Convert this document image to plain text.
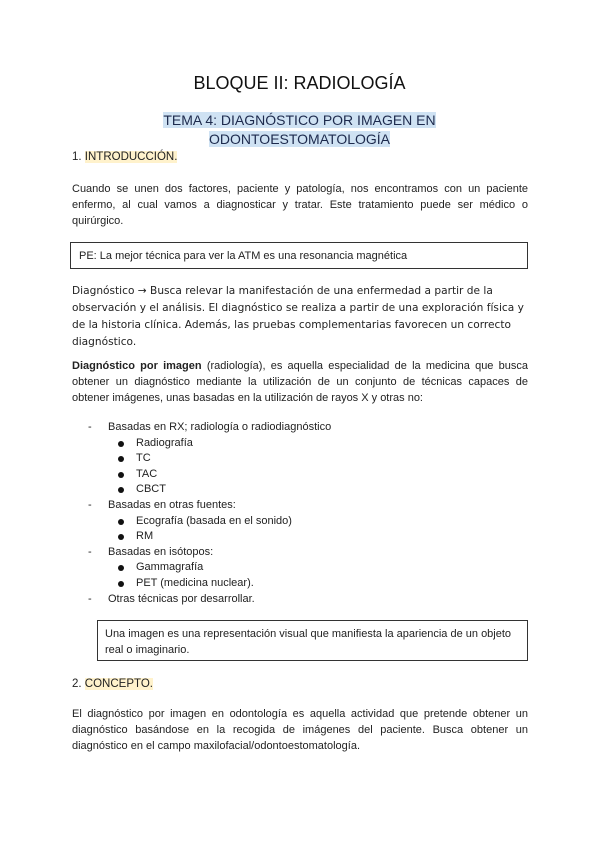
BLOQUE II: RADIOLOGÍA
TEMA 4: DIAGNÓSTICO POR IMAGEN EN
ODONTOESTOMATOLOGÍA
1. INTRODUCCIÓN.
Cuando se unen dos factores, paciente y patología, nos encontramos con un paciente enfermo, al cual vamos a diagnosticar y tratar. Este tratamiento puede ser médico o quirúrgico.
PE: La mejor técnica para ver la ATM es una resonancia magnética
Diagnóstico → Busca relevar la manifestación de una enfermedad a partir de la observación y el análisis. El diagnóstico se realiza a partir de una exploración física y de la historia clínica. Además, las pruebas complementarias favorecen un correcto diagnóstico.
Diagnóstico por imagen (radiología), es aquella especialidad de la medicina que busca obtener un diagnóstico mediante la utilización de un conjunto de técnicas capaces de obtener imágenes, unas basadas en la utilización de rayos X y otras no:
- Basadas en RX; radiología o radiodiagnóstico
Radiografía
TC
TAC
CBCT
- Basadas en otras fuentes:
Ecografía (basada en el sonido)
RM
- Basadas en isótopos:
Gammagrafía
PET (medicina nuclear).
- Otras técnicas por desarrollar.
Una imagen es una representación visual que manifiesta la apariencia de un objeto real o imaginario.
2. CONCEPTO.
El diagnóstico por imagen en odontología es aquella actividad que pretende obtener un diagnóstico basándose en la recogida de imágenes del paciente. Busca obtener un diagnóstico en el campo maxilofacial/odontoestomatología.
